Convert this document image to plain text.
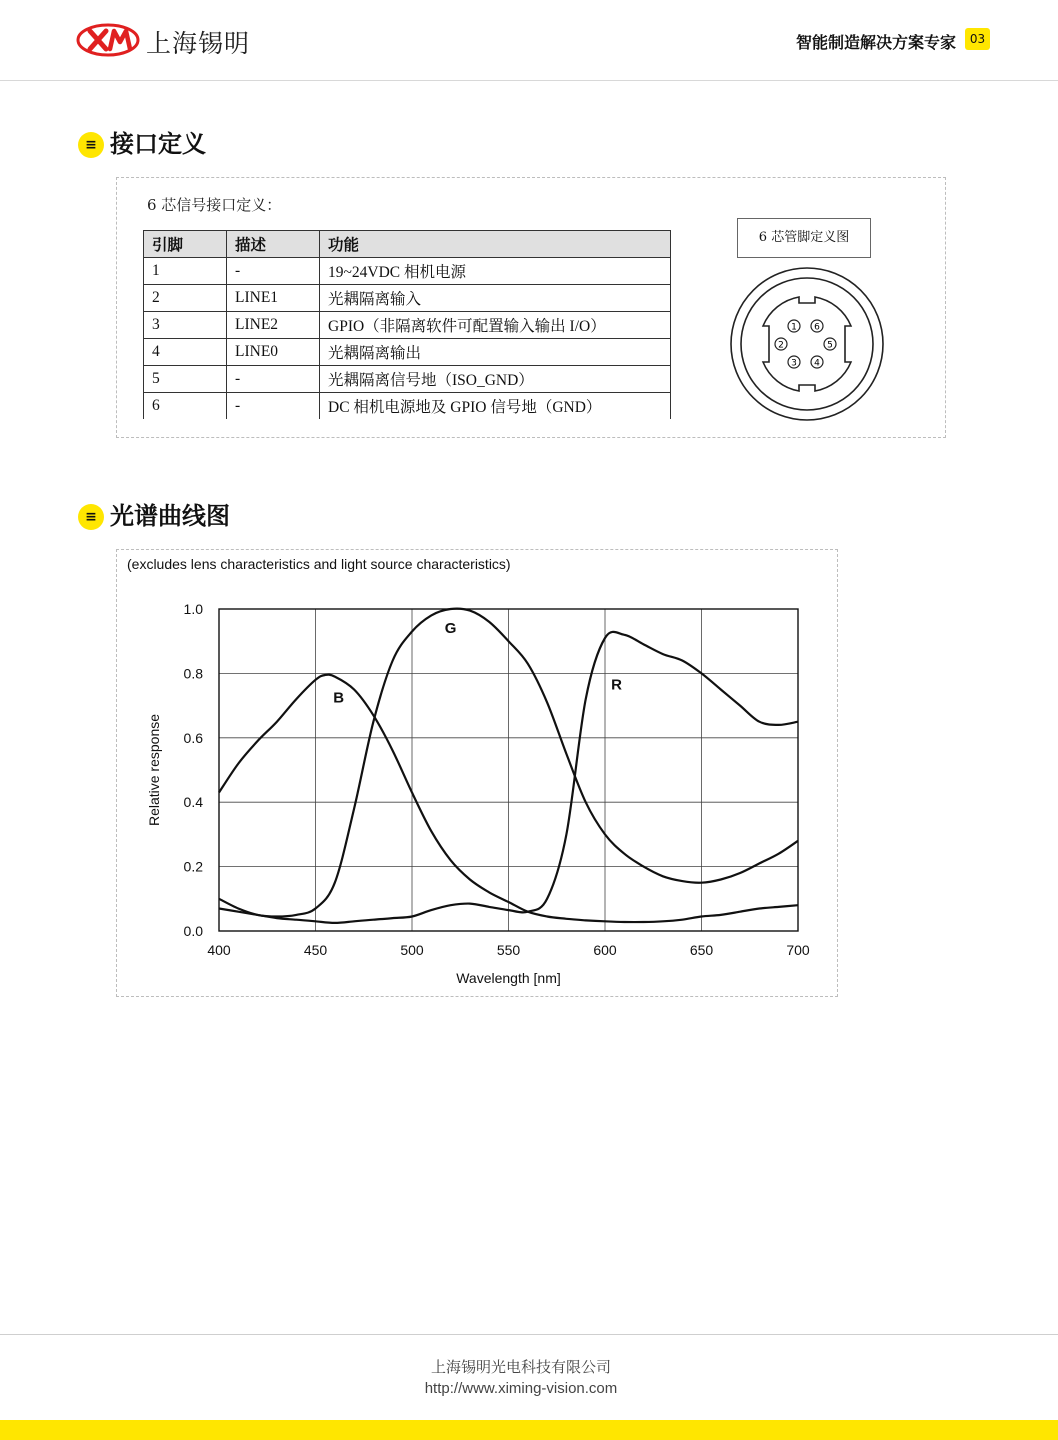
上海锡明	智能制造解决方案专家	03
≡ 接口定义
6 芯信号接口定义：
引脚	描述	功能
1	-	19~24VDC 相机电源
2	LINE1	光耦隔离输入
3	LINE2	GPIO（非隔离软件可配置输入输出 I/O）
4	LINE0	光耦隔离输出
5	-	光耦隔离信号地（ISO_GND）
6	-	DC 相机电源地及 GPIO 信号地（GND）
6 芯管脚定义图
1 6
2	5
3 4
≡ 光谱曲线图
400	450	500	550	600	650	700
0.0
0.2
0.4
0.6
0.8
1.0
Wavelength [nm]
Relative response
B
G
R
(excludes lens characteristics and light source characteristics)
上海锡明光电科技有限公司
http://www.ximing-vision.com
